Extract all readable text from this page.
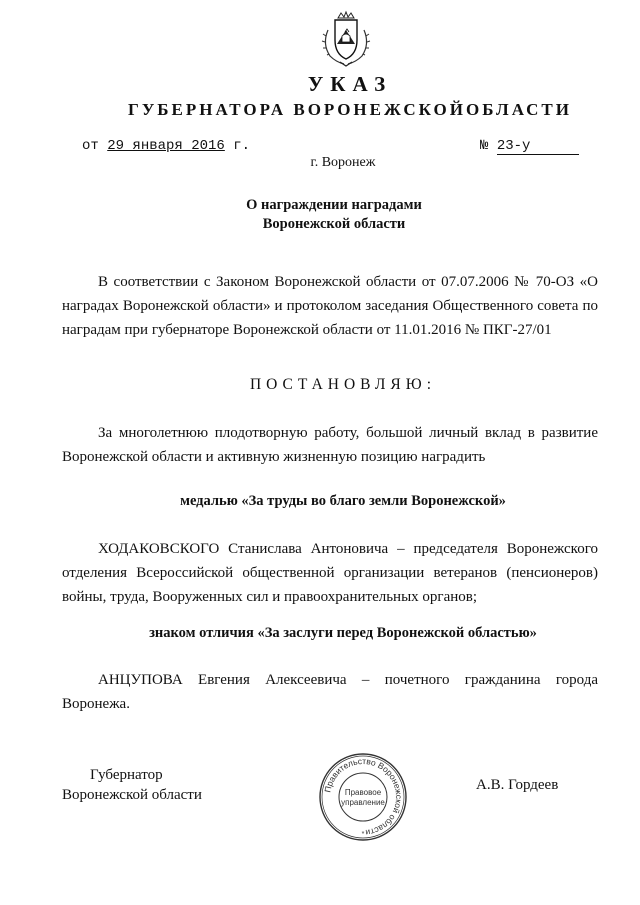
УКАЗ
ГУБЕРНАТОРА ВОРОНЕЖСКОЙОБЛАСТИ
от 29 января 2016 г.	№ 23-у
г. Воронеж
О награждении наградами
Воронежской области
В соответствии с Законом Воронежской области от 07.07.2006 № 70-ОЗ «О наградах Воронежской области» и протоколом заседания Общественного совета по наградам при губернаторе Воронежской области от 11.01.2016 № ПКГ-27/01
ПОСТАНОВЛЯЮ:
За многолетнюю плодотворную работу, большой личный вклад в развитие Воронежской области и активную жизненную позицию наградить
медалью «За труды во благо земли Воронежской»
ХОДАКОВСКОГО Станислава Антоновича – председателя Воронежского отделения Всероссийской общественной организации ветеранов (пенсионеров) войны, труда, Вооруженных сил и правоохранительных органов;
знаком отличия «За заслуги перед Воронежской областью»
АНЦУПОВА Евгения Алексеевича – почетного гражданина города Воронежа.
Губернатор
Воронежской области	Правительство Воронежской области
Правовое
управление
*
А.В. Гордеев
